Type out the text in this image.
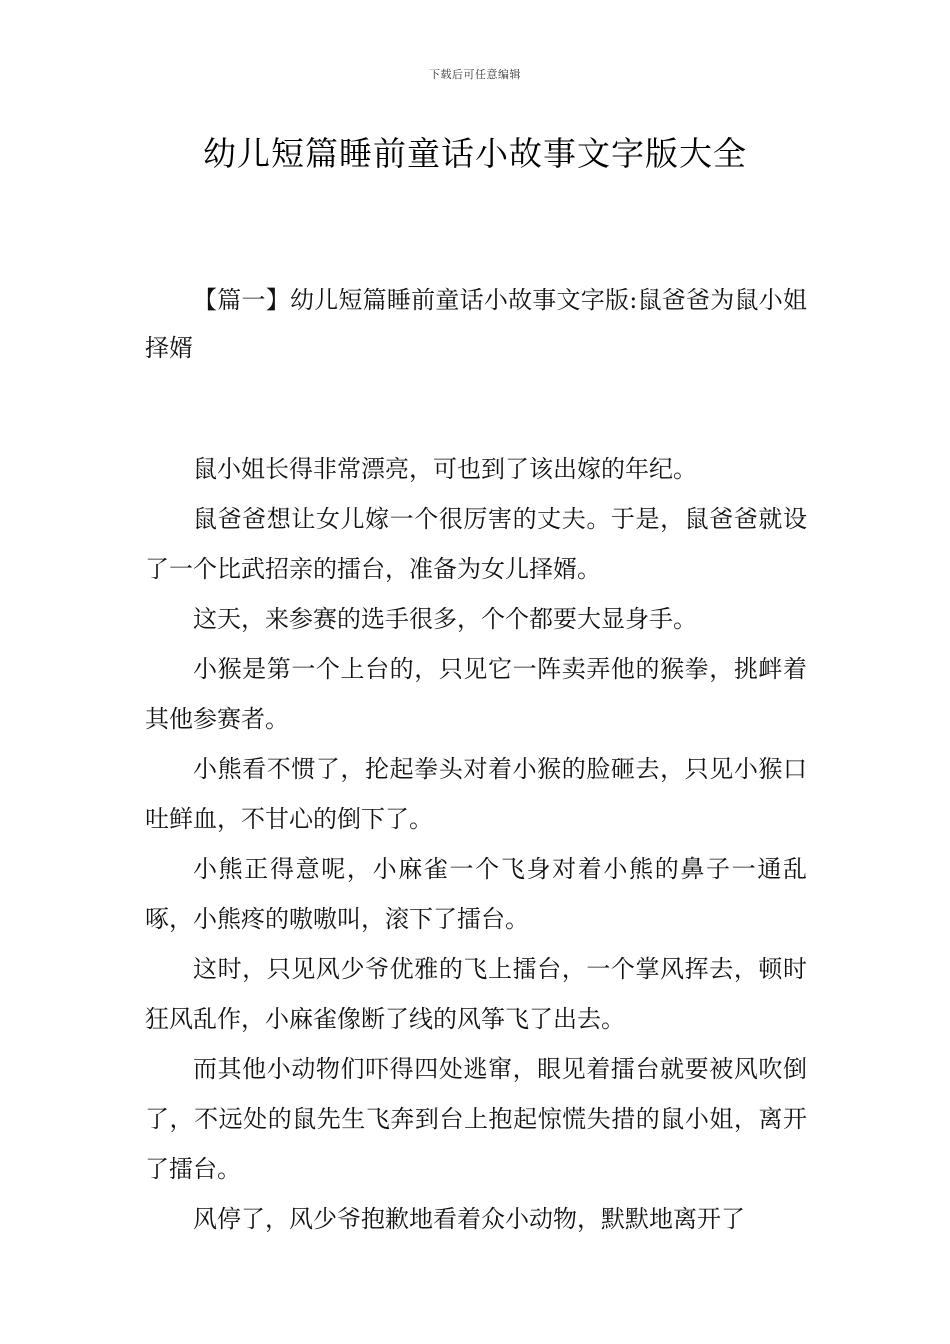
下载后可任意编辑
幼儿短篇睡前童话小故事文字版大全

【篇一】幼儿短篇睡前童话小故事文字版:鼠爸爸为鼠小姐择婿

鼠小姐长得非常漂亮，可也到了该出嫁的年纪。

鼠爸爸想让女儿嫁一个很厉害的丈夫。于是，鼠爸爸就设了一个比武招亲的擂台，准备为女儿择婿。

这天，来参赛的选手很多，个个都要大显身手。

小猴是第一个上台的，只见它一阵卖弄他的猴拳，挑衅着其他参赛者。

小熊看不惯了，抡起拳头对着小猴的脸砸去，只见小猴口吐鲜血，不甘心的倒下了。

小熊正得意呢，小麻雀一个飞身对着小熊的鼻子一通乱啄，小熊疼的嗷嗷叫，滚下了擂台。

这时，只见风少爷优雅的飞上擂台，一个掌风挥去，顿时狂风乱作，小麻雀像断了线的风筝飞了出去。

而其他小动物们吓得四处逃窜，眼见着擂台就要被风吹倒了，不远处的鼠先生飞奔到台上抱起惊慌失措的鼠小姐，离开了擂台。

风停了，风少爷抱歉地看着众小动物，默默地离开了
